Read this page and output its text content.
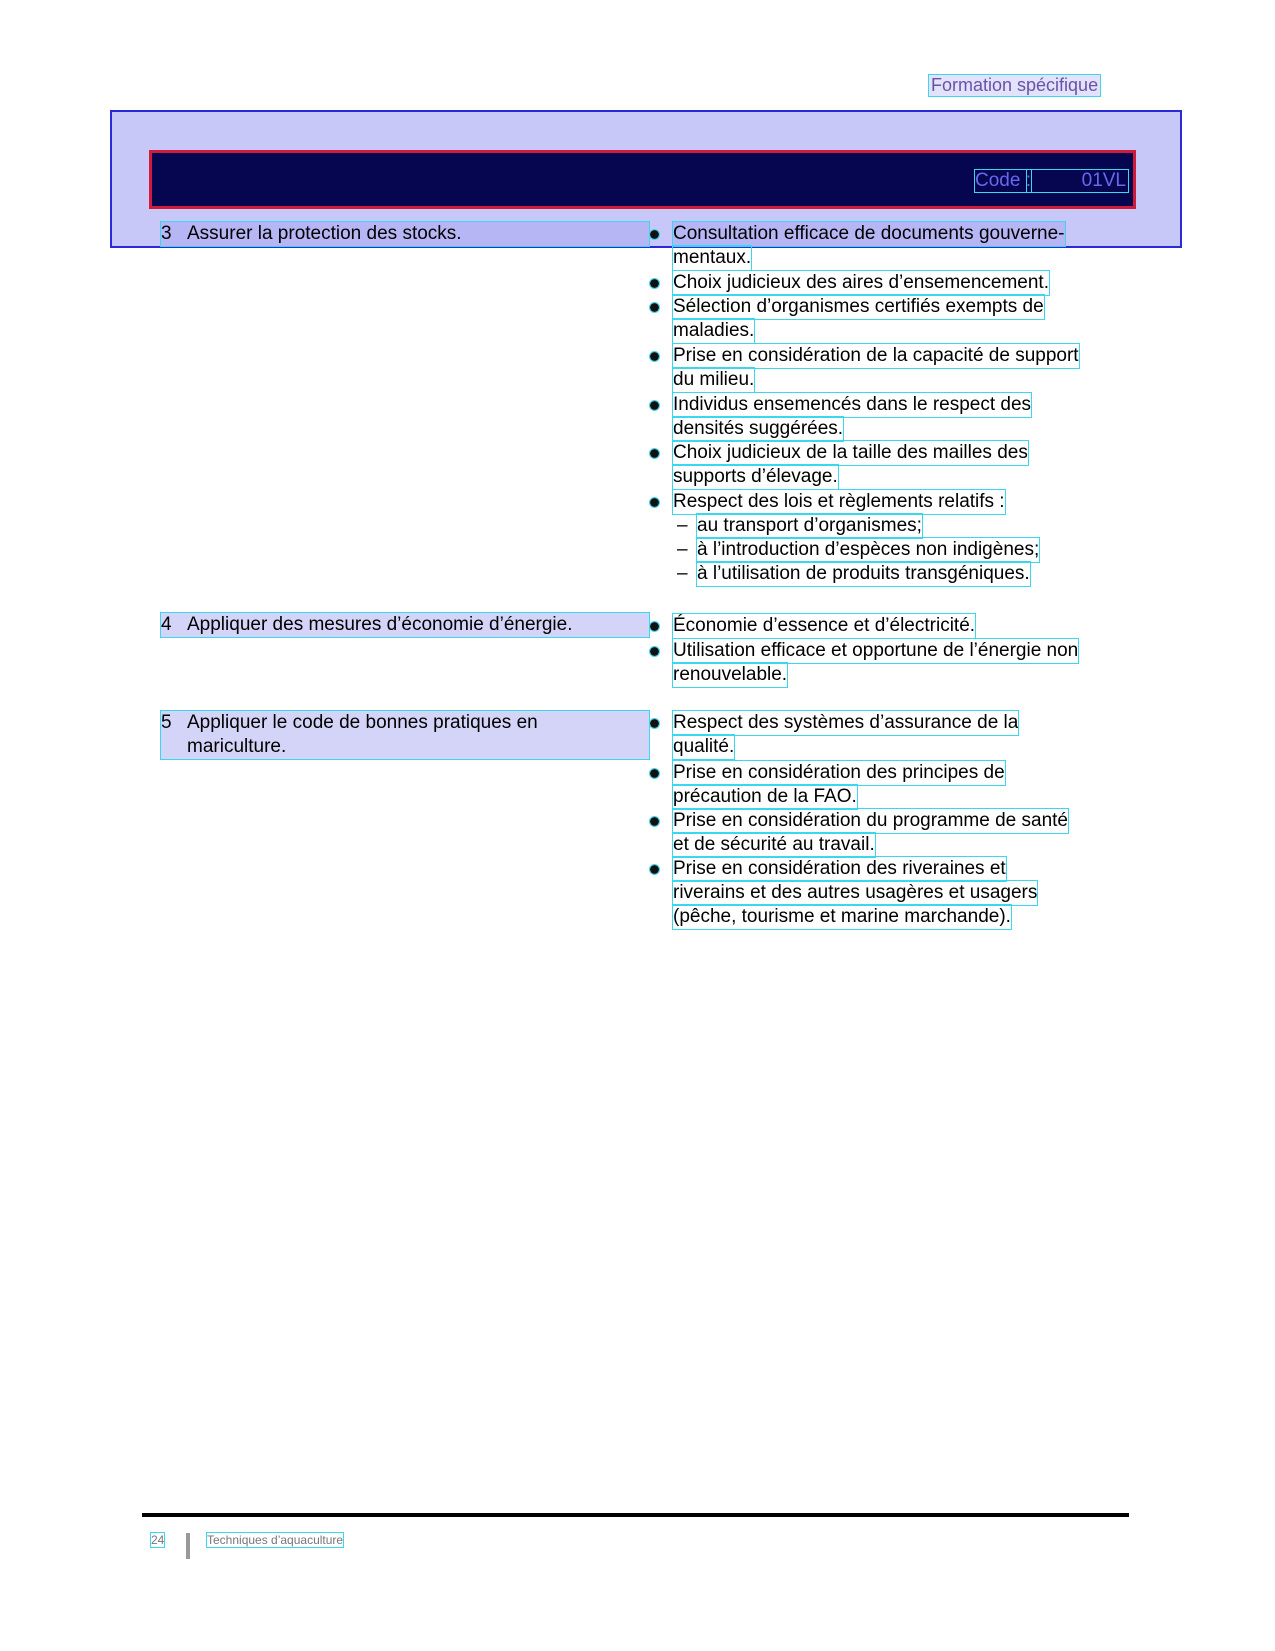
Formation spécifique
Code :	01VL
3 Assurer la protection des stocks.	Consultation efficace de documents gouverne-
mentaux.
Choix judicieux des aires d’ensemencement.
Sélection d’organismes certifiés exempts de
maladies.
Prise en considération de la capacité de support
du milieu.
Individus ensemencés dans le respect des
densités suggérées.
Choix judicieux de la taille des mailles des
supports d’élevage.
Respect des lois et règlements relatifs :
– au transport d’organismes;
– à l’introduction d’espèces non indigènes;
– à l’utilisation de produits transgéniques.
4 Appliquer des mesures d’économie d’énergie.	Économie d’essence et d’électricité.
Utilisation efficace et opportune de l’énergie non
renouvelable.
5 Appliquer le code de bonnes pratiques en
mariculture.
Respect des systèmes d’assurance de la
qualité.
Prise en considération des principes de
précaution de la FAO.
Prise en considération du programme de santé
et de sécurité au travail.
Prise en considération des riveraines et
riverains et des autres usagères et usagers
(pêche, tourisme et marine marchande).
24	Techniques d’aquaculture
